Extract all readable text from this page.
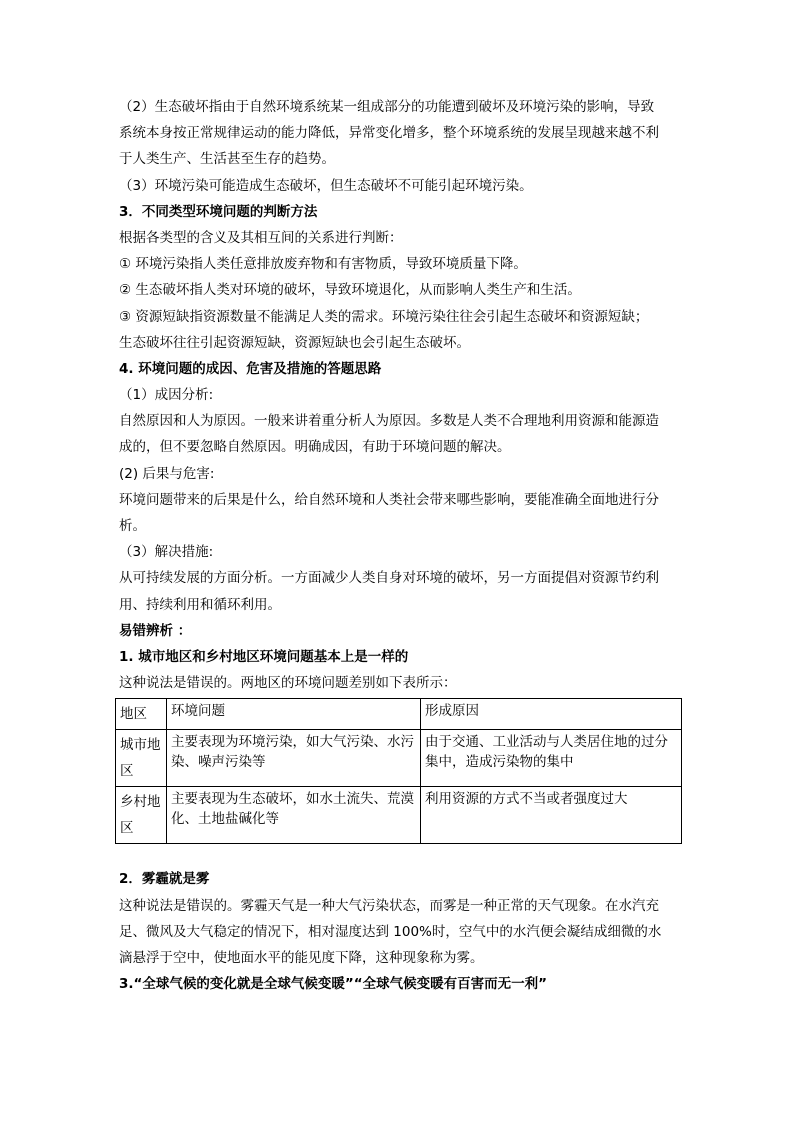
（2）生态破坏指由于自然环境系统某一组成部分的功能遭到破坏及环境污染的影响，导致
系统本身按正常规律运动的能力降低，异常变化增多，整个环境系统的发展呈现越来越不利
于人类生产、生活甚至生存的趋势。
（3）环境污染可能造成生态破坏，但生态破坏不可能引起环境污染。
3．不同类型环境问题的判断方法
根据各类型的含义及其相互间的关系进行判断：
① 环境污染指人类任意排放废弃物和有害物质，导致环境质量下降。
② 生态破坏指人类对环境的破坏，导致环境退化，从而影响人类生产和生活。
③ 资源短缺指资源数量不能满足人类的需求。环境污染往往会引起生态破坏和资源短缺；
生态破坏往往引起资源短缺，资源短缺也会引起生态破坏。
4. 环境问题的成因、危害及措施的答题思路
（1）成因分析:
自然原因和人为原因。一般来讲着重分析人为原因。多数是人类不合理地利用资源和能源造
成的，但不要忽略自然原因。明确成因，有助于环境问题的解决。
(2) 后果与危害:
环境问题带来的后果是什么，给自然环境和人类社会带来哪些影响，要能准确全面地进行分
析。
（3）解决措施:
从可持续发展的方面分析。一方面减少人类自身对环境的破坏，另一方面提倡对资源节约利
用、持续利用和循环利用。
易错辨析 ：
1. 城市地区和乡村地区环境问题基本上是一样的
这种说法是错误的。两地区的环境问题差别如下表所示：
地区	环境问题	形成原因
城市地区	主要表现为环境污染，如大气污染、水污染、噪声污染等	由于交通、工业活动与人类居住地的过分集中，造成污染物的集中
乡村地区	主要表现为生态破坏，如水土流失、荒漠化、土地盐碱化等	利用资源的方式不当或者强度过大
2．雾霾就是雾
这种说法是错误的。雾霾天气是一种大气污染状态，而雾是一种正常的天气现象。在水汽充
足、微风及大气稳定的情况下，相对湿度达到 100%时，空气中的水汽便会凝结成细微的水
滴悬浮于空中，使地面水平的能见度下降，这种现象称为雾。
3.“全球气候的变化就是全球气候变暖”“全球气候变暖有百害而无一利”
